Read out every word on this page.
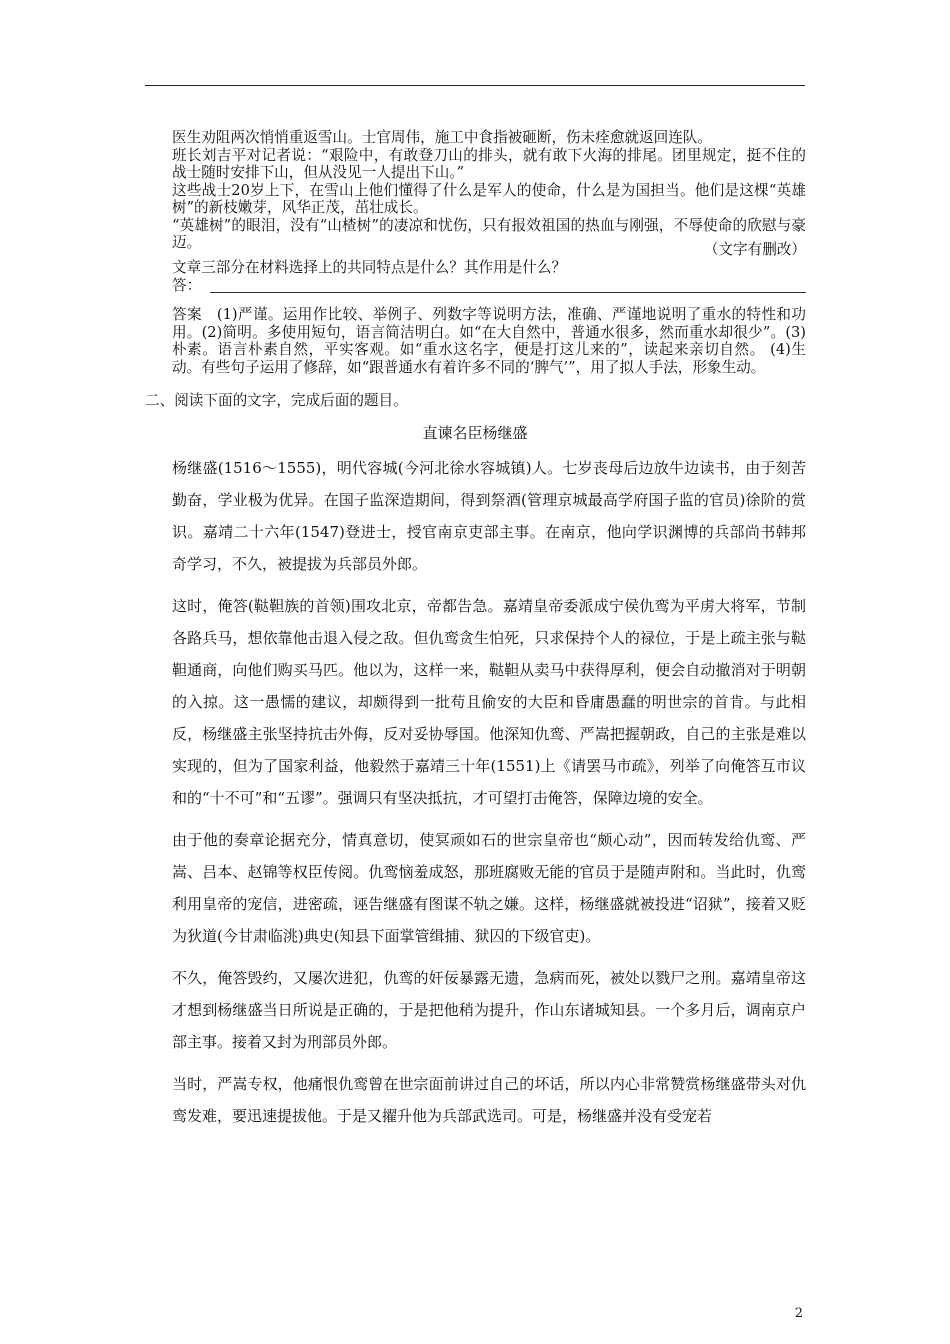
医生劝阻两次悄悄重返雪山。士官周伟，施工中食指被砸断，伤未痊愈就返回连队。

班长刘吉平对记者说：“艰险中，有敢登刀山的排头，就有敢下火海的排尾。团里规定，挺不住的战士随时安排下山，但从没见一人提出下山。”

这些战士20岁上下，在雪山上他们懂得了什么是军人的使命，什么是为国担当。他们是这棵“英雄树”的新枝嫩芽，风华正茂，茁壮成长。

“英雄树”的眼泪，没有“山楂树”的凄凉和忧伤，只有报效祖国的热血与刚强，不辱使命的欣慰与豪迈。	（文字有删改）
文章三部分在材料选择上的共同特点是什么？其作用是什么？
答：

答案　(1)严谨。运用作比较、举例子、列数字等说明方法，准确、严谨地说明了重水的特性和功用。(2)简明。多使用短句，语言简洁明白。如“在大自然中，普通水很多，然而重水却很少”。(3)朴素。语言朴素自然，平实客观。如“重水这名字，便是打这儿来的”，读起来亲切自然。 (4)生动。有些句子运用了修辞，如“跟普通水有着许多不同的‘脾气’”，用了拟人手法，形象生动。

二、阅读下面的文字，完成后面的题目。
直谏名臣杨继盛

杨继盛(1516～1555)，明代容城(今河北徐水容城镇)人。七岁丧母后边放牛边读书，由于刻苦勤奋，学业极为优异。在国子监深造期间，得到祭酒(管理京城最高学府国子监的官员)徐阶的赏识。嘉靖二十六年(1547)登进士，授官南京吏部主事。在南京，他向学识渊博的兵部尚书韩邦奇学习，不久，被提拔为兵部员外郎。

这时，俺答(鞑靼族的首领)围攻北京，帝都告急。嘉靖皇帝委派成宁侯仇鸾为平虏大将军，节制各路兵马，想依靠他击退入侵之敌。但仇鸾贪生怕死，只求保持个人的禄位，于是上疏主张与鞑靼通商，向他们购买马匹。他以为，这样一来，鞑靼从卖马中获得厚利，便会自动撤消对于明朝的入掠。这一愚懦的建议，却颇得到一批苟且偷安的大臣和昏庸愚蠢的明世宗的首肯。与此相反，杨继盛主张坚持抗击外侮，反对妥协辱国。他深知仇鸾、严嵩把握朝政，自己的主张是难以实现的，但为了国家利益，他毅然于嘉靖三十年(1551)上《请罢马市疏》，列举了向俺答互市议和的“十不可”和“五谬”。强调只有坚决抵抗，才可望打击俺答，保障边境的安全。

由于他的奏章论据充分，情真意切，使冥顽如石的世宗皇帝也“颇心动”，因而转发给仇鸾、严嵩、吕本、赵锦等权臣传阅。仇鸾恼羞成怒，那班腐败无能的官员于是随声附和。当此时，仇鸾利用皇帝的宠信，进密疏，诬告继盛有图谋不轨之嫌。这样，杨继盛就被投进“诏狱”，接着又贬为狄道(今甘肃临洮)典史(知县下面掌管缉捕、狱囚的下级官吏)。

不久，俺答毁约，又屡次进犯，仇鸾的奸佞暴露无遗，急病而死，被处以戮尸之刑。嘉靖皇帝这才想到杨继盛当日所说是正确的，于是把他稍为提升，作山东诸城知县。一个多月后，调南京户部主事。接着又封为刑部员外郎。

当时，严嵩专权，他痛恨仇鸾曾在世宗面前讲过自己的坏话，所以内心非常赞赏杨继盛带头对仇鸾发难，要迅速提拔他。于是又擢升他为兵部武选司。可是，杨继盛并没有受宠若

2
